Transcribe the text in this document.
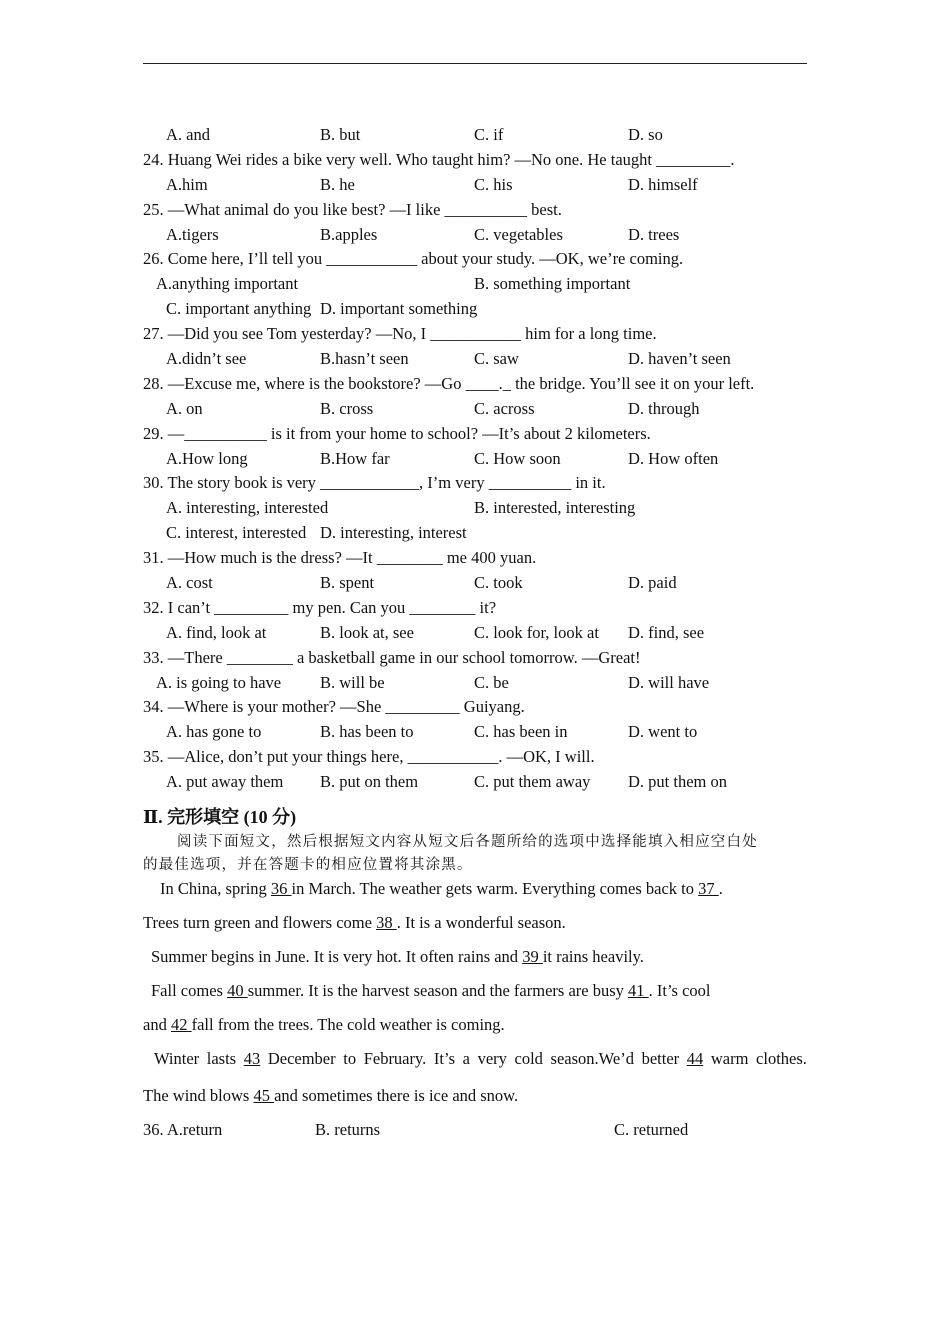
A. and	B. but	C. if	D. so
24. Huang Wei rides a bike very well. Who taught him? —No one. He taught _________.
A.him	B. he	C. his	D. himself
25. —What animal do you like best? —I like __________ best.
A.tigers	B.apples	C. vegetables	D. trees
26. Come here, I’ll tell you ___________ about your study. —OK, we’re coming.
A.anything important	B. something important
C. important anything D. important something
27. —Did you see Tom yesterday? —No, I ___________ him for a long time.
A.didn’t see	B.hasn’t seen	C. saw	D. haven’t seen
28. —Excuse me, where is the bookstore? —Go ____._ the bridge. You’ll see it on your left.
A. on	B. cross	C. across	D. through
29. —__________ is it from your home to school? —It’s about 2 kilometers.
A.How long	B.How far	C. How soon	D. How often
30. The story book is very ____________, I’m very __________ in it.
A. interesting, interested	B. interested, interesting
C. interest, interested D. interesting, interest
31. —How much is the dress? —It ________ me 400 yuan.
A. cost	B. spent	C. took	D. paid
32. I can’t _________ my pen. Can you ________ it?
A. find, look at	B. look at, see	C. look for, look at D. find, see
33. —There ________ a basketball game in our school tomorrow. —Great!
A. is going to have B. will be	C. be	D. will have
34. —Where is your mother? —She _________ Guiyang.
A. has gone to	B. has been to	C. has been in	D. went to
35. —Alice, don’t put your things here, ___________. —OK, I will.
A. put away them B. put on them	C. put them away D. put them on
Ⅱ. 完形填空 (10 分)
阅读下面短文，然后根据短文内容从短文后各题所给的选项中选择能填入相应空白处
的最佳选项，并在答题卡的相应位置将其涂黑。
In China, spring 36 in March. The weather gets warm. Everything comes back to 37 .
Trees turn green and flowers come 38 . It is a wonderful season.
Summer begins in June. It is very hot. It often rains and 39 it rains heavily.
Fall comes 40 summer. It is the harvest season and the farmers are busy 41 . It’s cool
and 42 fall from the trees. The cold weather is coming.
Winter lasts 43 December to February. It’s a very cold season.We’d better 44 warm clothes.
The wind blows 45 and sometimes there is ice and snow.
36. A.return	B. returns	C. returned
